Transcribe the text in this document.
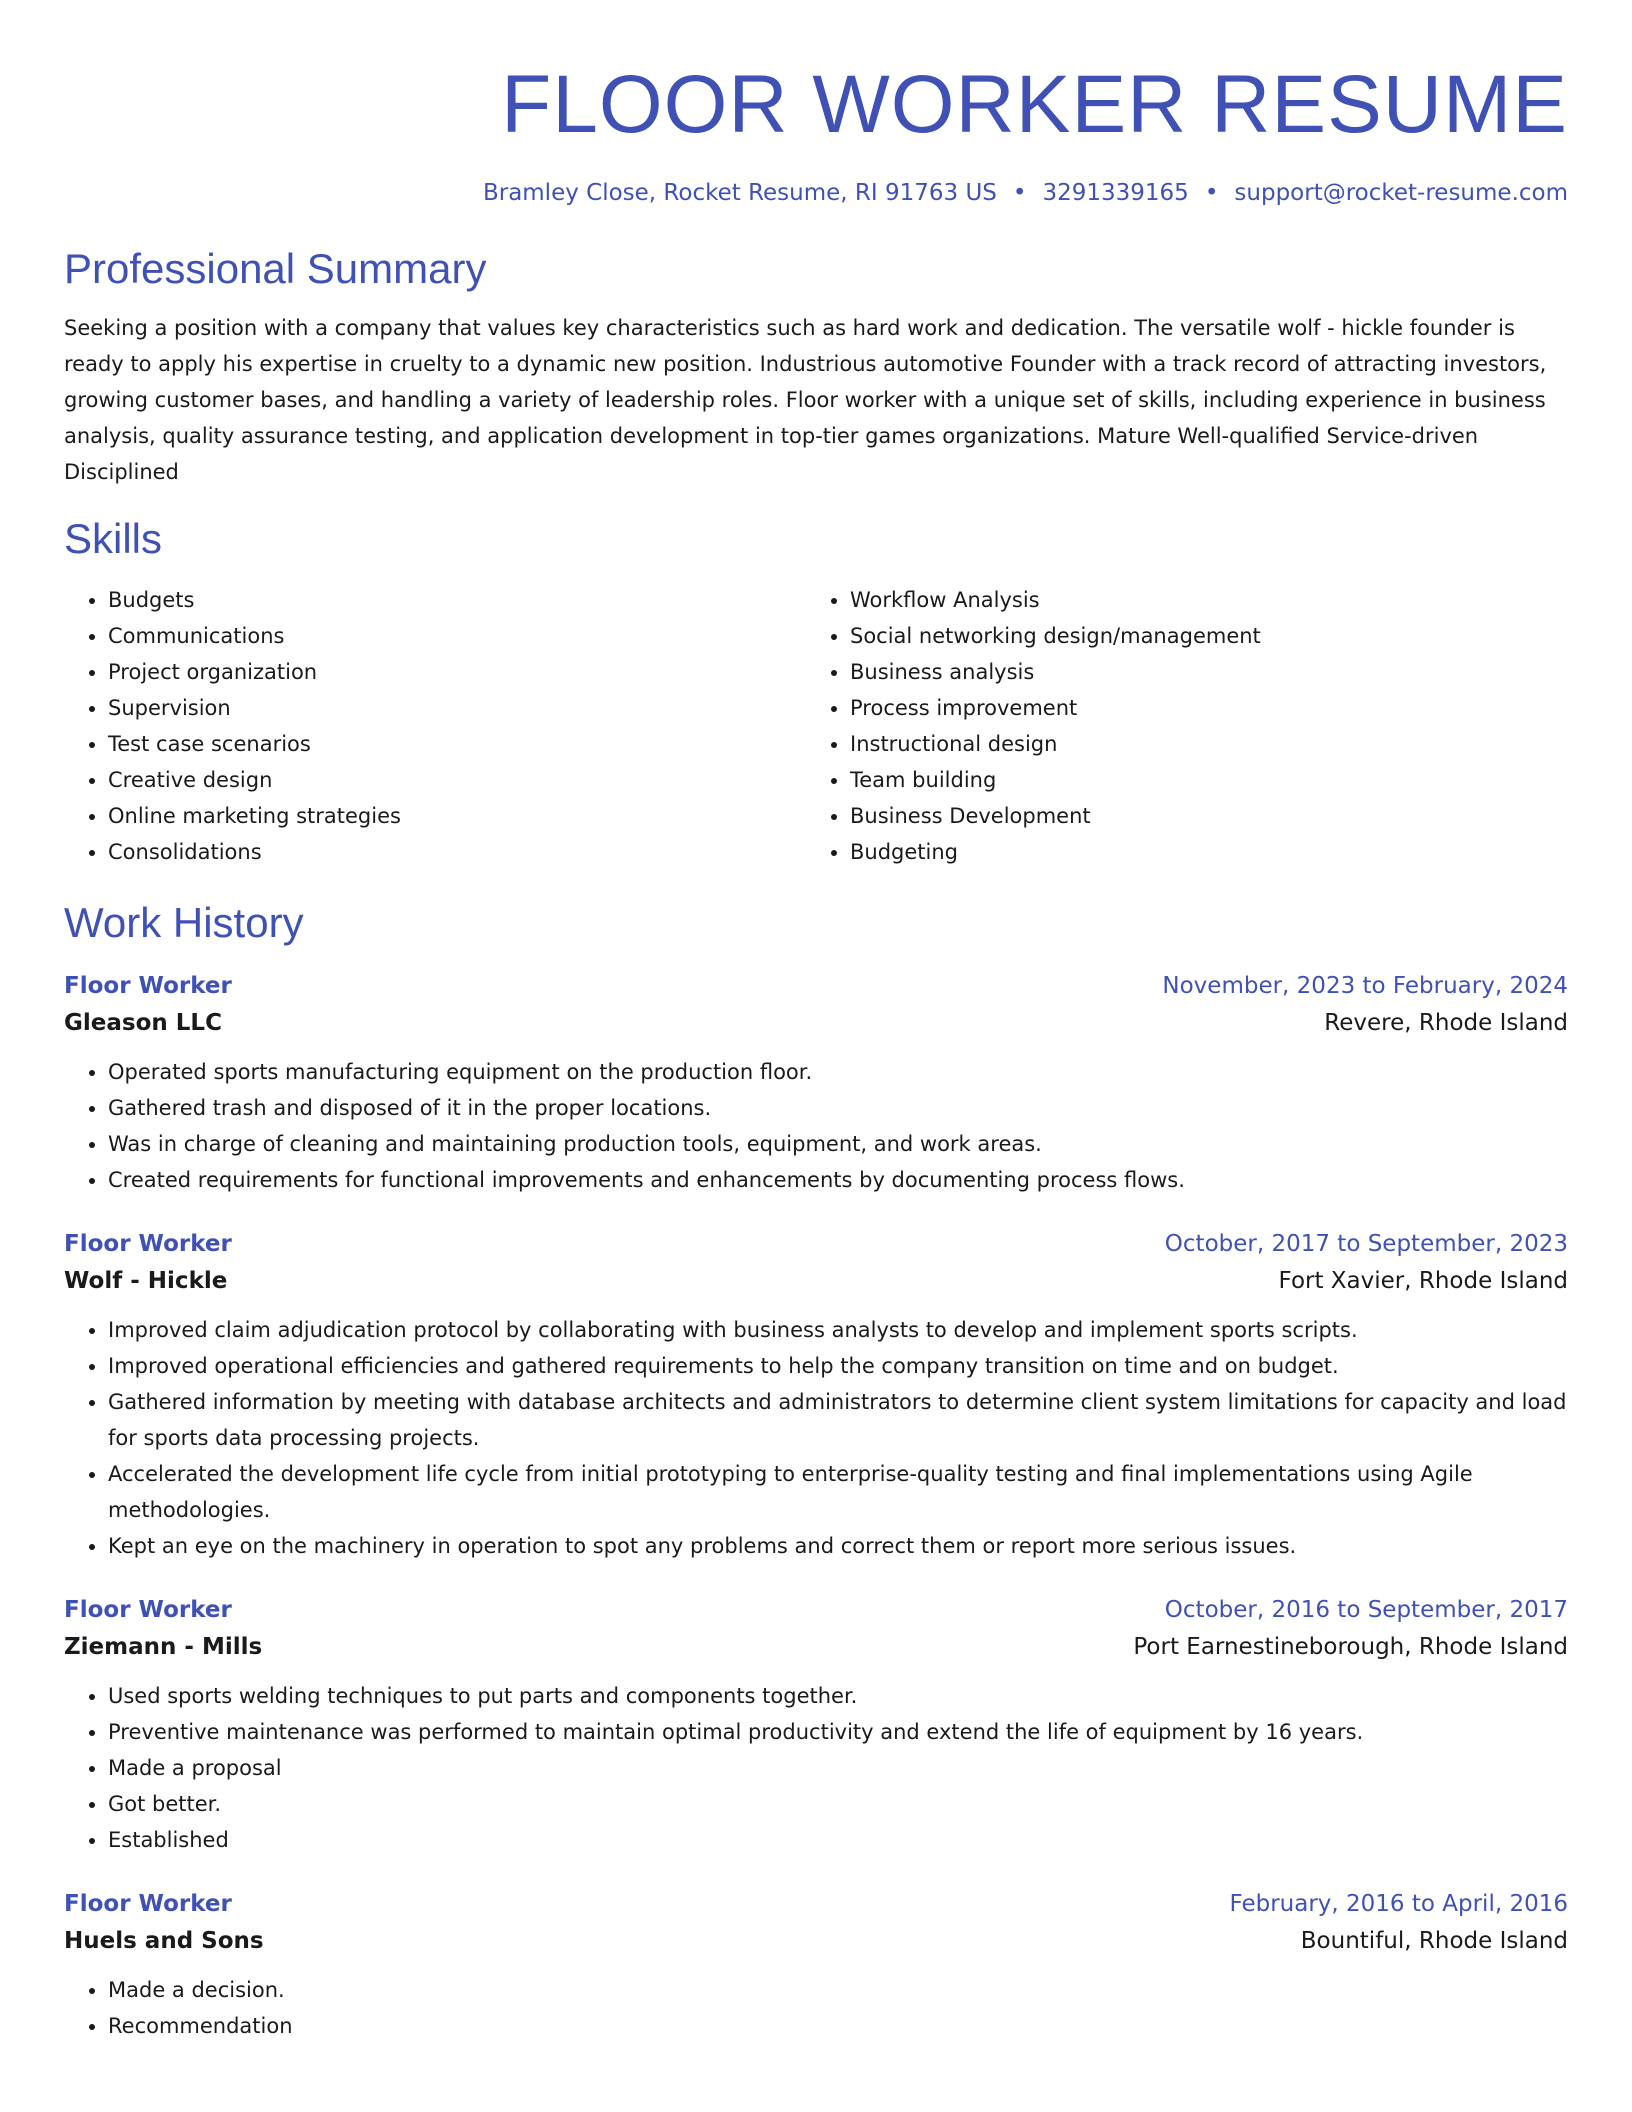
FLOOR WORKER RESUME
Bramley Close, Rocket Resume, RI 91763 US • 3291339165 • support@rocket-resume.com
Professional Summary
Seeking a position with a company that values key characteristics such as hard work and dedication. The versatile wolf - hickle founder is ready to apply his expertise in cruelty to a dynamic new position. Industrious automotive Founder with a track record of attracting investors, growing customer bases, and handling a variety of leadership roles. Floor worker with a unique set of skills, including experience in business analysis, quality assurance testing, and application development in top-tier games organizations. Mature Well-qualified Service-driven Disciplined
Skills
• Budgets
• Communications
• Project organization
• Supervision
• Test case scenarios
• Creative design
• Online marketing strategies
• Consolidations
• Workflow Analysis
• Social networking design/management
• Business analysis
• Process improvement
• Instructional design
• Team building
• Business Development
• Budgeting
Work History
Floor Worker	November, 2023 to February, 2024
Gleason LLC	Revere, Rhode Island
• Operated sports manufacturing equipment on the production floor.
• Gathered trash and disposed of it in the proper locations.
• Was in charge of cleaning and maintaining production tools, equipment, and work areas.
• Created requirements for functional improvements and enhancements by documenting process flows.
Floor Worker	October, 2017 to September, 2023
Wolf - Hickle	Fort Xavier, Rhode Island
• Improved claim adjudication protocol by collaborating with business analysts to develop and implement sports scripts.
• Improved operational efficiencies and gathered requirements to help the company transition on time and on budget.
• Gathered information by meeting with database architects and administrators to determine client system limitations for capacity and load for sports data processing projects.
• Accelerated the development life cycle from initial prototyping to enterprise-quality testing and final implementations using Agile methodologies.
• Kept an eye on the machinery in operation to spot any problems and correct them or report more serious issues.
Floor Worker	October, 2016 to September, 2017
Ziemann - Mills	Port Earnestineborough, Rhode Island
• Used sports welding techniques to put parts and components together.
• Preventive maintenance was performed to maintain optimal productivity and extend the life of equipment by 16 years.
• Made a proposal
• Got better.
• Established
Floor Worker	February, 2016 to April, 2016
Huels and Sons	Bountiful, Rhode Island
• Made a decision.
• Recommendation
